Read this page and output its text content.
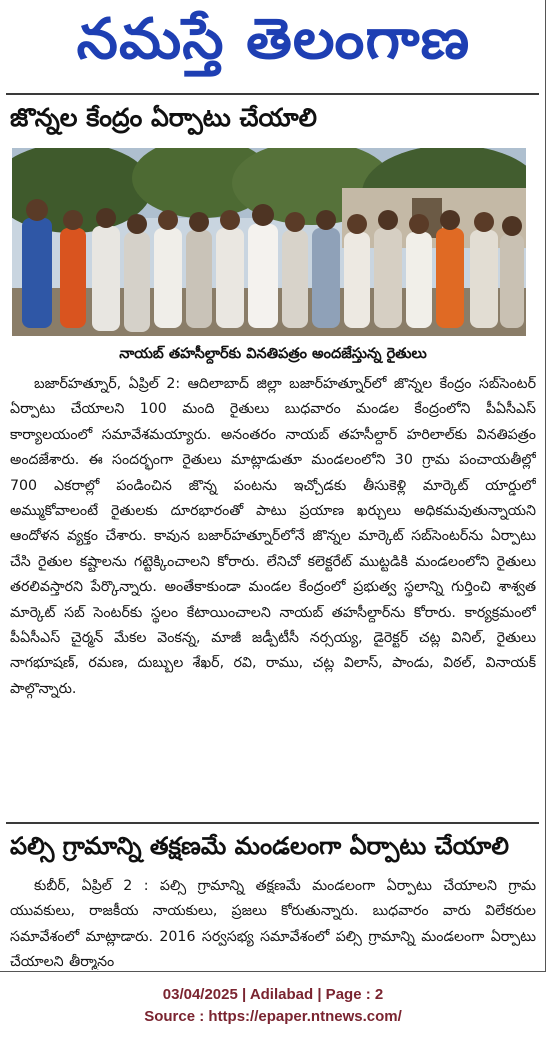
నమస్తే తెలంగాణ
జొన్నల కేంద్రం ఏర్పాటు చేయాలి
నాయబ్ తహసీల్దార్‌కు వినతిపత్రం అందజేస్తున్న రైతులు
బజార్‌హత్నూర్, ఏప్రిల్ 2: ఆదిలాబాద్ జిల్లా బజార్‌హత్నూర్‌లో జొన్నల కేంద్రం సబ్‌సెంటర్ ఏర్పాటు చేయాలని 100 మంది రైతులు బుధవారం మండల కేంద్రంలోని పీఏసీఎస్ కార్యాలయంలో సమావేశమయ్యారు. అనంతరం నాయబ్ తహసీల్దార్ హరిలాల్‌కు వినతిపత్రం అందజేశారు. ఈ సందర్భంగా రైతులు మాట్లాడుతూ మండలంలోని 30 గ్రామ పంచాయతీల్లో 700 ఎకరాల్లో పండించిన జొన్న పంటను ఇచ్చోడకు తీసుకెళ్లి మార్కెట్ యార్డులో అమ్ముకోవాలంటే రైతులకు దూరభారంతో పాటు ప్రయాణ ఖర్చులు అధికమవుతున్నాయని ఆందోళన వ్యక్తం చేశారు. కావున బజార్‌హత్నూర్‌లోనే జొన్నల మార్కెట్ సబ్‌సెంటర్‌ను ఏర్పాటు చేసి రైతుల కష్టాలను గట్టెక్కించాలని కోరారు. లేనిచో కలెక్టరేట్ ముట్టడికి మండలంలోని రైతులు తరలివస్తారని పేర్కొన్నారు. అంతేకాకుండా మండల కేంద్రంలో ప్రభుత్వ స్థలాన్ని గుర్తించి శాశ్వత మార్కెట్ సబ్ సెంటర్‌కు స్థలం కేటాయించాలని నాయబ్ తహసీల్దార్‌ను కోరారు. కార్యక్రమంలో పీఏసీఎస్ చైర్మన్ మేకల వెంకన్న, మాజీ జడ్పీటీసీ నర్సయ్య, డైరెక్టర్ చట్ల వినిల్, రైతులు నాగభూషణ్, రమణ, దుబ్బుల శేఖర్, రవి, రాము, చట్ల విలాస్, పాండు, విఠల్, వినాయక్ పాల్గొన్నారు.
పల్సి గ్రామాన్ని తక్షణమే మండలంగా ఏర్పాటు చేయాలి
కుబీర్, ఏప్రిల్ 2 : పల్సి గ్రామాన్ని తక్షణమే మండలంగా ఏర్పాటు చేయాలని గ్రామ యువకులు, రాజకీయ నాయకులు, ప్రజలు కోరుతున్నారు. బుధవారం వారు విలేకరుల సమావేశంలో మాట్లాడారు. 2016 సర్వసభ్య సమావేశంలో పల్సి గ్రామాన్ని మండలంగా ఏర్పాటు చేయాలని తీర్మానం
03/04/2025 | Adilabad | Page : 2
Source : https://epaper.ntnews.com/
